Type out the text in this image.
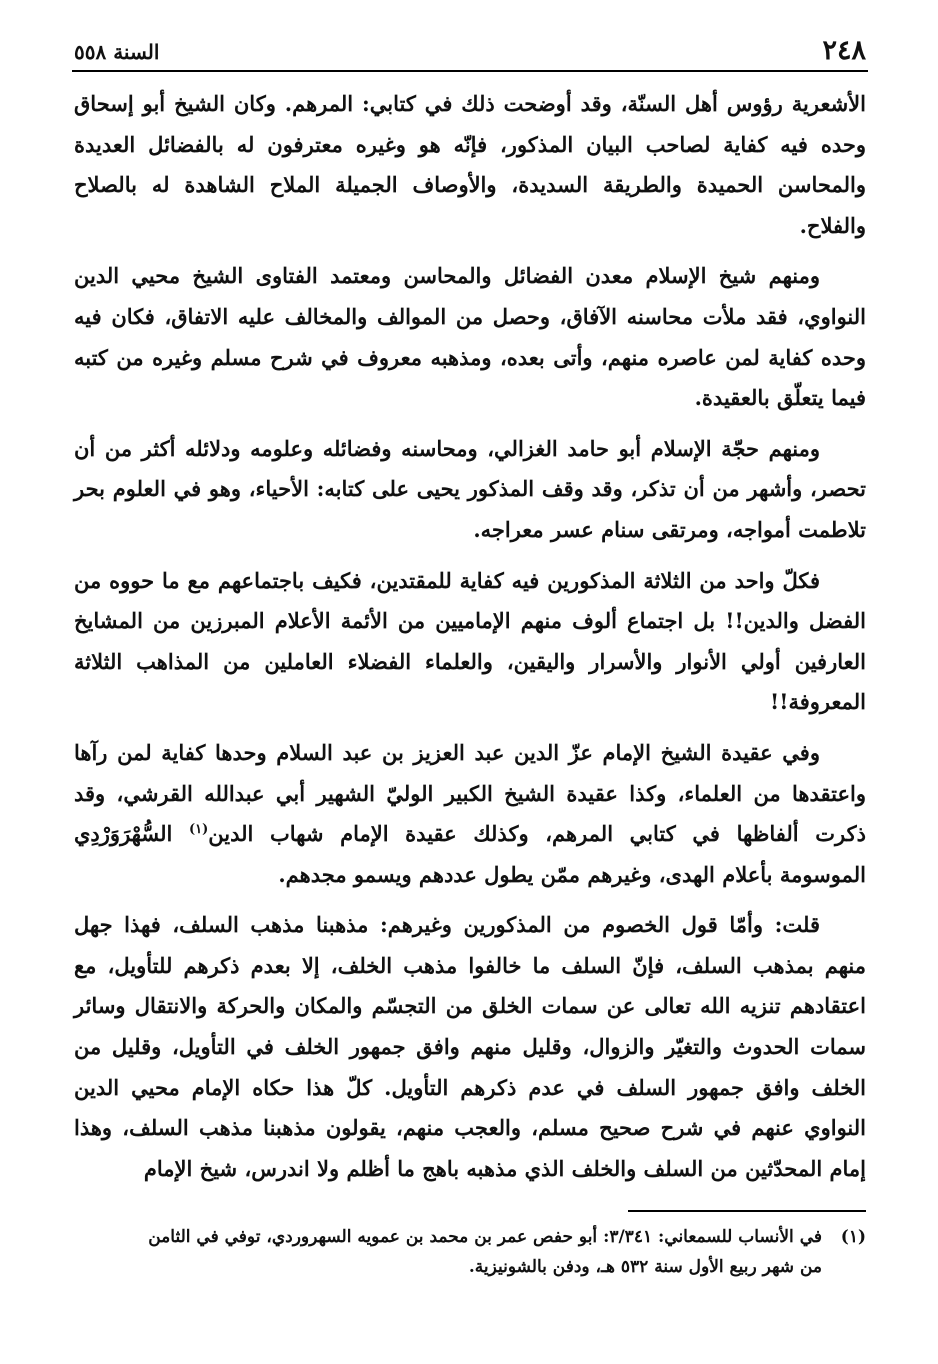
٢٤٨
السنة ٥٥٨

الأشعرية رؤوس أهل السنّة، وقد أوضحت ذلك في كتابي: المرهم. وكان الشيخ أبو إسحاق وحده فيه كفاية لصاحب البيان المذكور، فإنّه هو وغيره معترفون له بالفضائل العديدة والمحاسن الحميدة والطريقة السديدة، والأوصاف الجميلة الملاح الشاهدة له بالصلاح والفلاح.

ومنهم شيخ الإسلام معدن الفضائل والمحاسن ومعتمد الفتاوى الشيخ محيي الدين النواوي، فقد ملأت محاسنه الآفاق، وحصل من الموالف والمخالف عليه الاتفاق، فكان فيه وحده كفاية لمن عاصره منهم، وأتى بعده، ومذهبه معروف في شرح مسلم وغيره من كتبه فيما يتعلّق بالعقيدة.

ومنهم حجّة الإسلام أبو حامد الغزالي، ومحاسنه وفضائله وعلومه ودلائله أكثر من أن تحصر، وأشهر من أن تذكر، وقد وقف المذكور يحيى على كتابه: الأحياء، وهو في العلوم بحر تلاطمت أمواجه، ومرتقى سنام عسر معراجه.

فكلّ واحد من الثلاثة المذكورين فيه كفاية للمقتدين، فكيف باجتماعهم مع ما حووه من الفضل والدين!! بل اجتماع ألوف منهم الإماميين من الأئمة الأعلام المبرزين من المشايخ العارفين أولي الأنوار والأسرار واليقين، والعلماء الفضلاء العاملين من المذاهب الثلاثة المعروفة!!

وفي عقيدة الشيخ الإمام عزّ الدين عبد العزيز بن عبد السلام وحدها كفاية لمن رآها واعتقدها من العلماء، وكذا عقيدة الشيخ الكبير الوليّ الشهير أبي عبدالله القرشي، وقد ذكرت ألفاظها في كتابي المرهم، وكذلك عقيدة الإمام شهاب الدين$^{(١)}$ السُّهْرَوَرْدِي الموسومة بأعلام الهدى، وغيرهم ممّن يطول عددهم ويسمو مجدهم.

قلت: وأمّا قول الخصوم من المذكورين وغيرهم: مذهبنا مذهب السلف، فهذا جهل منهم بمذهب السلف، فإنّ السلف ما خالفوا مذهب الخلف، إلا بعدم ذكرهم للتأويل، مع اعتقادهم تنزيه الله تعالى عن سمات الخلق من التجسّم والمكان والحركة والانتقال وسائر سمات الحدوث والتغيّر والزوال، وقليل منهم وافق جمهور الخلف في التأويل، وقليل من الخلف وافق جمهور السلف في عدم ذكرهم التأويل. كلّ هذا حكاه الإمام محيي الدين النواوي عنهم في شرح صحيح مسلم، والعجب منهم، يقولون مذهبنا مذهب السلف، وهذا إمام المحدّثين من السلف والخلف الذي مذهبه باهج ما أظلم ولا اندرس، شيخ الإمام

(١)في الأنساب للسمعاني: ٣/٣٤١: أبو حفص عمر بن محمد بن عمويه السهروردي، توفي في الثامن
من شهر ربيع الأول سنة ٥٣٢ هـ، ودفن بالشونيزية.
